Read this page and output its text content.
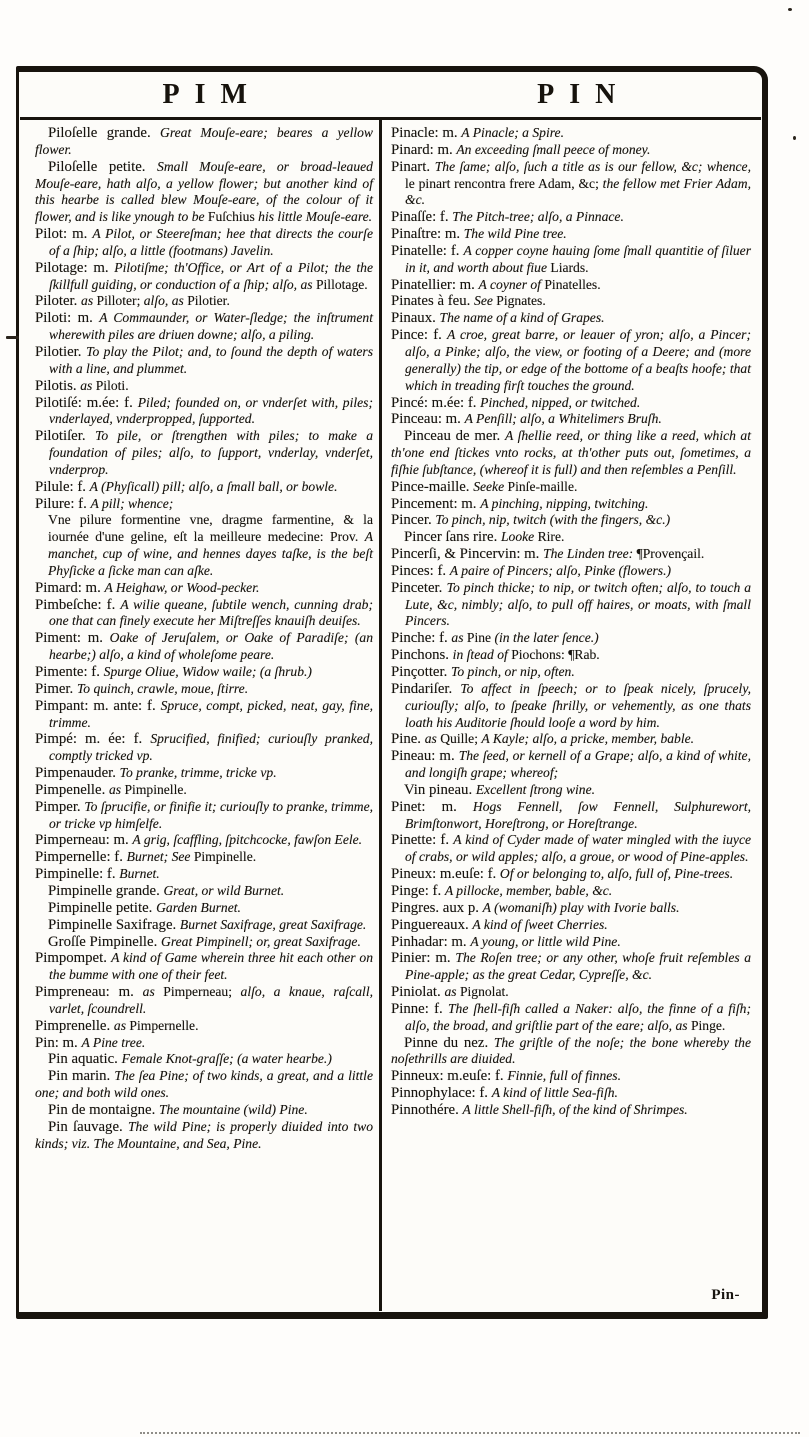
PIM	PIN

Piloſelle grande. Great Mouſe-eare; beares a yellow flower.

Piloſelle petite. Small Mouſe-eare, or broad-leaued Mouſe-eare, hath alſo, a yellow flower; but another kind of this hearbe is called blew Mouſe-eare, of the colour of it flower, and is like ynough to be Fuſchius his little Mouſe-eare.

Pilot: m. A Pilot, or Steereſman; hee that directs the courſe of a ſhip; alſo, a little (footmans) Javelin.

Pilotage: m. Pilotiſme; th'Office, or Art of a Pilot; the the ſkillfull guiding, or conduction of a ſhip; alſo, as Pillotage.

Piloter. as Pilloter; alſo, as Pilotier.

Piloti: m. A Commaunder, or Water-ſledge; the inſtrument wherewith piles are driuen downe; alſo, a piling.

Pilotier. To play the Pilot; and, to ſound the depth of waters with a line, and plummet.

Pilotis. as Piloti.

Pilotiſé: m.ée: f. Piled; founded on, or vnderſet with, piles; vnderlayed, vnderpropped, ſupported.

Pilotiſer. To pile, or ſtrengthen with piles; to make a foundation of piles; alſo, to ſupport, vnderlay, vnderſet, vnderprop.

Pilule: f. A (Phyſicall) pill; alſo, a ſmall ball, or bowle.

Pilure: f. A pill; whence;

Vne pilure formentine vne, dragme farmentine, & la iournée d'une geline, eſt la meilleure medecine: Prov. A manchet, cup of wine, and hennes dayes taſke, is the beſt Phyſicke a ſicke man can aſke.

Pimard: m. A Heighaw, or Wood-pecker.

Pimbeſche: f. A wilie queane, ſubtile wench, cunning drab; one that can finely execute her Miſtreſſes knauiſh deuiſes.

Piment: m. Oake of Jeruſalem, or Oake of Paradiſe; (an hearbe;) alſo, a kind of wholeſome peare.

Pimente: f. Spurge Oliue, Widow waile; (a ſhrub.)

Pimer. To quinch, crawle, moue, ſtirre.

Pimpant: m. ante: f. Spruce, compt, picked, neat, gay, fine, trimme.

Pimpé: m. ée: f. Sprucified, finified; curiouſly pranked, comptly tricked vp.

Pimpenauder. To pranke, trimme, tricke vp.

Pimpenelle. as Pimpinelle.

Pimper. To ſprucifie, or finifie it; curiouſly to pranke, trimme, or tricke vp himſelfe.

Pimperneau: m. A grig, ſcaffling, ſpitchcocke, fawſon Eele.

Pimpernelle: f. Burnet; See Pimpinelle.

Pimpinelle: f. Burnet.

Pimpinelle grande. Great, or wild Burnet.

Pimpinelle petite. Garden Burnet.

Pimpinelle Saxifrage. Burnet Saxifrage, great Saxifrage.

Groſſe Pimpinelle. Great Pimpinell; or, great Saxifrage.

Pimpompet. A kind of Game wherein three hit each other on the bumme with one of their feet.

Pimpreneau: m. as Pimperneau; alſo, a knaue, raſcall, varlet, ſcoundrell.

Pimprenelle. as Pimpernelle.

Pin: m. A Pine tree.

Pin aquatic. Female Knot-graſſe; (a water hearbe.)

Pin marin. The ſea Pine; of two kinds, a great, and a little one; and both wild ones.

Pin de montaigne. The mountaine (wild) Pine.

Pin ſauvage. The wild Pine; is properly diuided into two kinds; viz. The Mountaine, and Sea, Pine.

Pinacle: m. A Pinacle; a Spire.

Pinard: m. An exceeding ſmall peece of money.

Pinart. The ſame; alſo, ſuch a title as is our fellow, &c; whence, le pinart rencontra frere Adam, &c; the fellow met Frier Adam, &c.

Pinaſſe: f. The Pitch-tree; alſo, a Pinnace.

Pinaſtre: m. The wild Pine tree.

Pinatelle: f. A copper coyne hauing ſome ſmall quantitie of ſiluer in it, and worth about fiue Liards.

Pinatellier: m. A coyner of Pinatelles.

Pinates à feu. See Pignates.

Pinaux. The name of a kind of Grapes.

Pince: f. A croe, great barre, or leauer of yron; alſo, a Pincer; alſo, a Pinke; alſo, the view, or footing of a Deere; and (more generally) the tip, or edge of the bottome of a beaſts hoofe; that which in treading firſt touches the ground.

Pincé: m.ée: f. Pinched, nipped, or twitched.

Pinceau: m. A Penſill; alſo, a Whitelimers Bruſh.

Pinceau de mer. A ſhellie reed, or thing like a reed, which at th'one end ſtickes vnto rocks, at th'other puts out, ſometimes, a fiſhie ſubſtance, (whereof it is full) and then reſembles a Penſill.

Pince-maille. Seeke Pinſe-maille.

Pincement: m. A pinching, nipping, twitching.

Pincer. To pinch, nip, twitch (with the fingers, &c.)

Pincer ſans rire. Looke Rire.

Pincerſi, & Pincervin: m. The Linden tree: ¶Provençail.

Pinces: f. A paire of Pincers; alſo, Pinke (flowers.)

Pinceter. To pinch thicke; to nip, or twitch often; alſo, to touch a Lute, &c, nimbly; alſo, to pull off haires, or moats, with ſmall Pincers.

Pinche: f. as Pine (in the later ſence.)

Pinchons. in ſtead of Piochons: ¶Rab.

Pinçotter. To pinch, or nip, often.

Pindariſer. To affect in ſpeech; or to ſpeak nicely, ſprucely, curiouſly; alſo, to ſpeake ſhrilly, or vehemently, as one thats loath his Auditorie ſhould looſe a word by him.

Pine. as Quille; A Kayle; alſo, a pricke, member, bable.

Pineau: m. The ſeed, or kernell of a Grape; alſo, a kind of white, and longiſh grape; whereof;

Vin pineau. Excellent ſtrong wine.

Pinet: m. Hogs Fennell, ſow Fennell, Sulphurewort, Brimſtonwort, Horeſtrong, or Horeſtrange.

Pinette: f. A kind of Cyder made of water mingled with the iuyce of crabs, or wild apples; alſo, a groue, or wood of Pine-apples.

Pineux: m.euſe: f. Of or belonging to, alſo, full of, Pine-trees.

Pinge: f. A pillocke, member, bable, &c.

Pingres. aux p. A (womaniſh) play with Ivorie balls.

Pinguereaux. A kind of ſweet Cherries.

Pinhadar: m. A young, or little wild Pine.

Pinier: m. The Roſen tree; or any other, whoſe fruit reſembles a Pine-apple; as the great Cedar, Cypreſſe, &c.

Piniolat. as Pignolat.

Pinne: f. The ſhell-fiſh called a Naker: alſo, the finne of a fiſh; alſo, the broad, and griſtlie part of the eare; alſo, as Pinge.

Pinne du nez. The griſtle of the noſe; the bone whereby the noſethrills are diuided.

Pinneux: m.euſe: f. Finnie, full of finnes.

Pinnophylace: f. A kind of little Sea-fiſh.

Pinnothére. A little Shell-fiſh, of the kind of Shrimpes.

Pin-
